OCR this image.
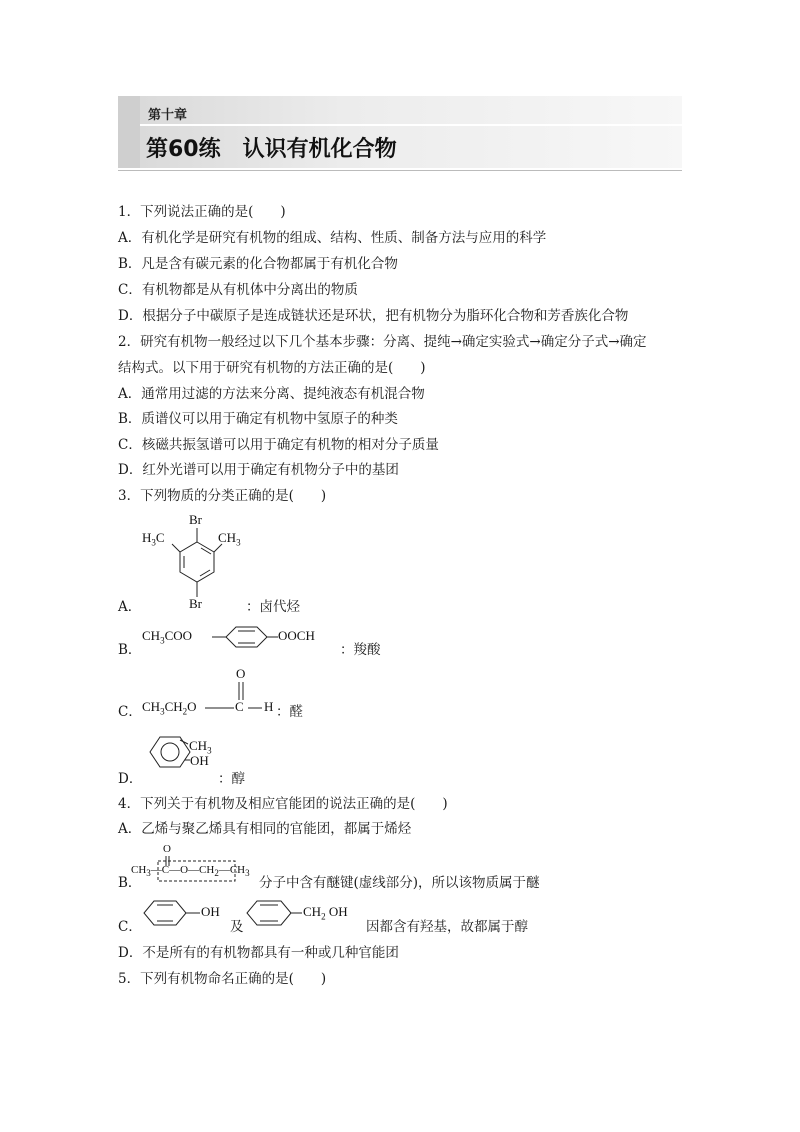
第十章
第60练 认识有机化合物
1．下列说法正确的是(　　)
A．有机化学是研究有机物的组成、结构、性质、制备方法与应用的科学
B．凡是含有碳元素的化合物都属于有机化合物
C．有机物都是从有机体中分离出的物质
D．根据分子中碳原子是连成链状还是环状，把有机物分为脂环化合物和芳香族化合物
2．研究有机物一般经过以下几个基本步骤：分离、提纯→确定实验式→确定分子式→确定
结构式。以下用于研究有机物的方法正确的是(　　)
A．通常用过滤的方法来分离、提纯液态有机混合物
B．质谱仪可以用于确定有机物中氢原子的种类
C．核磁共振氢谱可以用于确定有机物的相对分子质量
D．红外光谱可以用于确定有机物分子中的基团
3．下列物质的分类正确的是(　　)
Br
$H_3C$	$CH_3$
Br
A．	：卤代烃
B．
$CH_3COO$	OOCH
：羧酸
O
C． $CH_3CH_2O$	C H ：醛
$CH_3$
OH
D．	：醇
4．下列关于有机物及相应官能团的说法正确的是(　　)
A．乙烯与聚乙烯具有相同的官能团，都属于烯烃
O
B．
$CH_3—C—O—CH_2—CH_3$
分子中含有醚键(虚线部分)，所以该物质属于醚
OH
及
$CH_2$ OH
C．	因都含有羟基，故都属于醇
D．不是所有的有机物都具有一种或几种官能团
5．下列有机物命名正确的是(　　)
